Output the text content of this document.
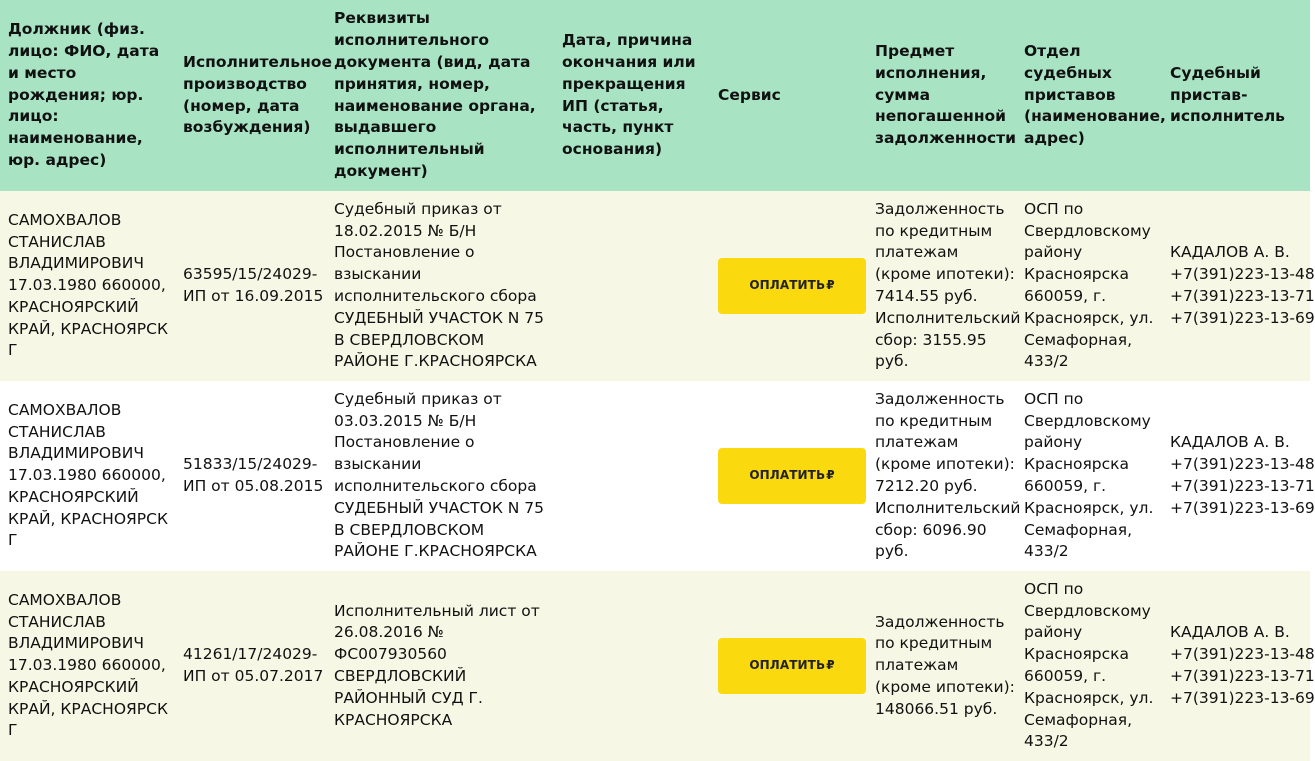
Должник (физ. лицо: ФИО, дата и место рождения; юр. лицо: наименование, юр. адрес)	Исполнительное производство (номер, дата возбуждения)	Реквизиты исполнительного документа (вид, дата принятия, номер, наименование органа, выдавшего исполнительный документ)	Дата, причина окончания или прекращения ИП (статья, часть, пункт основания)	Сервис	Предмет исполнения, сумма непогашенной задолженности	Отдел судебных приставов (наименование, адрес)	Судебный пристав-исполнитель
САМОХВАЛОВ СТАНИСЛАВ ВЛАДИМИРОВИЧ 17.03.1980 660000, КРАСНОЯРСКИЙ КРАЙ, КРАСНОЯРСК Г	63595/15/24029-ИП от 16.09.2015	Судебный приказ от 18.02.2015 № Б/Н Постановление о взыскании исполнительского сбора СУДЕБНЫЙ УЧАСТОК N 75 В СВЕРДЛОВСКОМ РАЙОНЕ Г.КРАСНОЯРСКА		ОПЛАТИТЬ ₽	Задолженность по кредитным платежам (кроме ипотеки): 7414.55 руб. Исполнительский сбор: 3155.95 руб.	ОСП по Свердловскому району Красноярска 660059, г. Красноярск, ул. Семафорная, 433/2	КАДАЛОВ А. В.
+7(391)223-13-48
+7(391)223-13-71
+7(391)223-13-69

САМОХВАЛОВ СТАНИСЛАВ ВЛАДИМИРОВИЧ 17.03.1980 660000, КРАСНОЯРСКИЙ КРАЙ, КРАСНОЯРСК Г	51833/15/24029-ИП от 05.08.2015	Судебный приказ от 03.03.2015 № Б/Н Постановление о взыскании исполнительского сбора СУДЕБНЫЙ УЧАСТОК N 75 В СВЕРДЛОВСКОМ РАЙОНЕ Г.КРАСНОЯРСКА		ОПЛАТИТЬ ₽	Задолженность по кредитным платежам (кроме ипотеки): 7212.20 руб. Исполнительский сбор: 6096.90 руб.	ОСП по Свердловскому району Красноярска 660059, г. Красноярск, ул. Семафорная, 433/2	КАДАЛОВ А. В.
+7(391)223-13-48
+7(391)223-13-71
+7(391)223-13-69

САМОХВАЛОВ СТАНИСЛАВ ВЛАДИМИРОВИЧ 17.03.1980 660000, КРАСНОЯРСКИЙ КРАЙ, КРАСНОЯРСК Г	41261/17/24029-ИП от 05.07.2017	Исполнительный лист от 26.08.2016 № ФС007930560 СВЕРДЛОВСКИЙ РАЙОННЫЙ СУД Г. КРАСНОЯРСКА		ОПЛАТИТЬ ₽	Задолженность по кредитным платежам (кроме ипотеки): 148066.51 руб.	ОСП по Свердловскому району Красноярска 660059, г. Красноярск, ул. Семафорная, 433/2	КАДАЛОВ А. В.
+7(391)223-13-48
+7(391)223-13-71
+7(391)223-13-69
